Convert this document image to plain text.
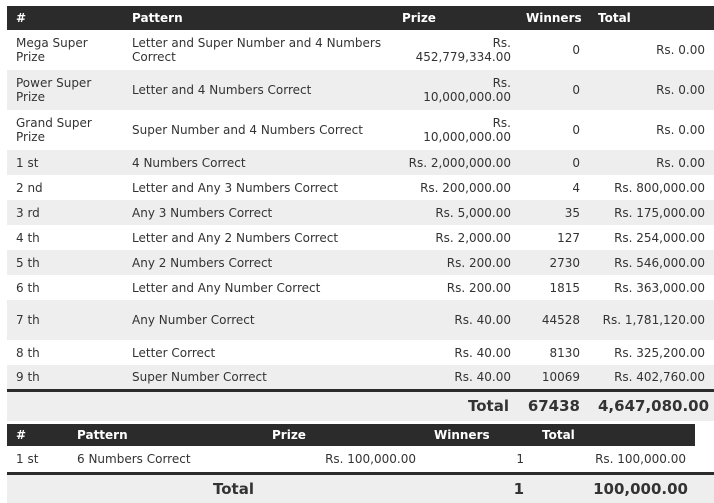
#	Pattern	Prize	Winners	Total
Mega Super Prize	Letter and Super Number and 4 Numbers Correct	Rs. 452,779,334.00	0	Rs. 0.00
Power Super Prize	Letter and 4 Numbers Correct	Rs. 10,000,000.00	0	Rs. 0.00
Grand Super Prize	Super Number and 4 Numbers Correct	Rs. 10,000,000.00	0	Rs. 0.00
1 st	4 Numbers Correct	Rs. 2,000,000.00	0	Rs. 0.00
2 nd	Letter and Any 3 Numbers Correct	Rs. 200,000.00	4	Rs. 800,000.00
3 rd	Any 3 Numbers Correct	Rs. 5,000.00	35	Rs. 175,000.00
4 th	Letter and Any 2 Numbers Correct	Rs. 2,000.00	127	Rs. 254,000.00
5 th	Any 2 Numbers Correct	Rs. 200.00	2730	Rs. 546,000.00
6 th	Letter and Any Number Correct	Rs. 200.00	1815	Rs. 363,000.00
7 th	Any Number Correct	Rs. 40.00	44528	Rs. 1,781,120.00
8 th	Letter Correct	Rs. 40.00	8130	Rs. 325,200.00
9 th	Super Number Correct	Rs. 40.00	10069	Rs. 402,760.00
		Total	67438	4,647,080.00
#	Pattern	Prize	Winners	Total
1 st	6 Numbers Correct	Rs. 100,000.00	1	Rs. 100,000.00
	Total		1	100,000.00
